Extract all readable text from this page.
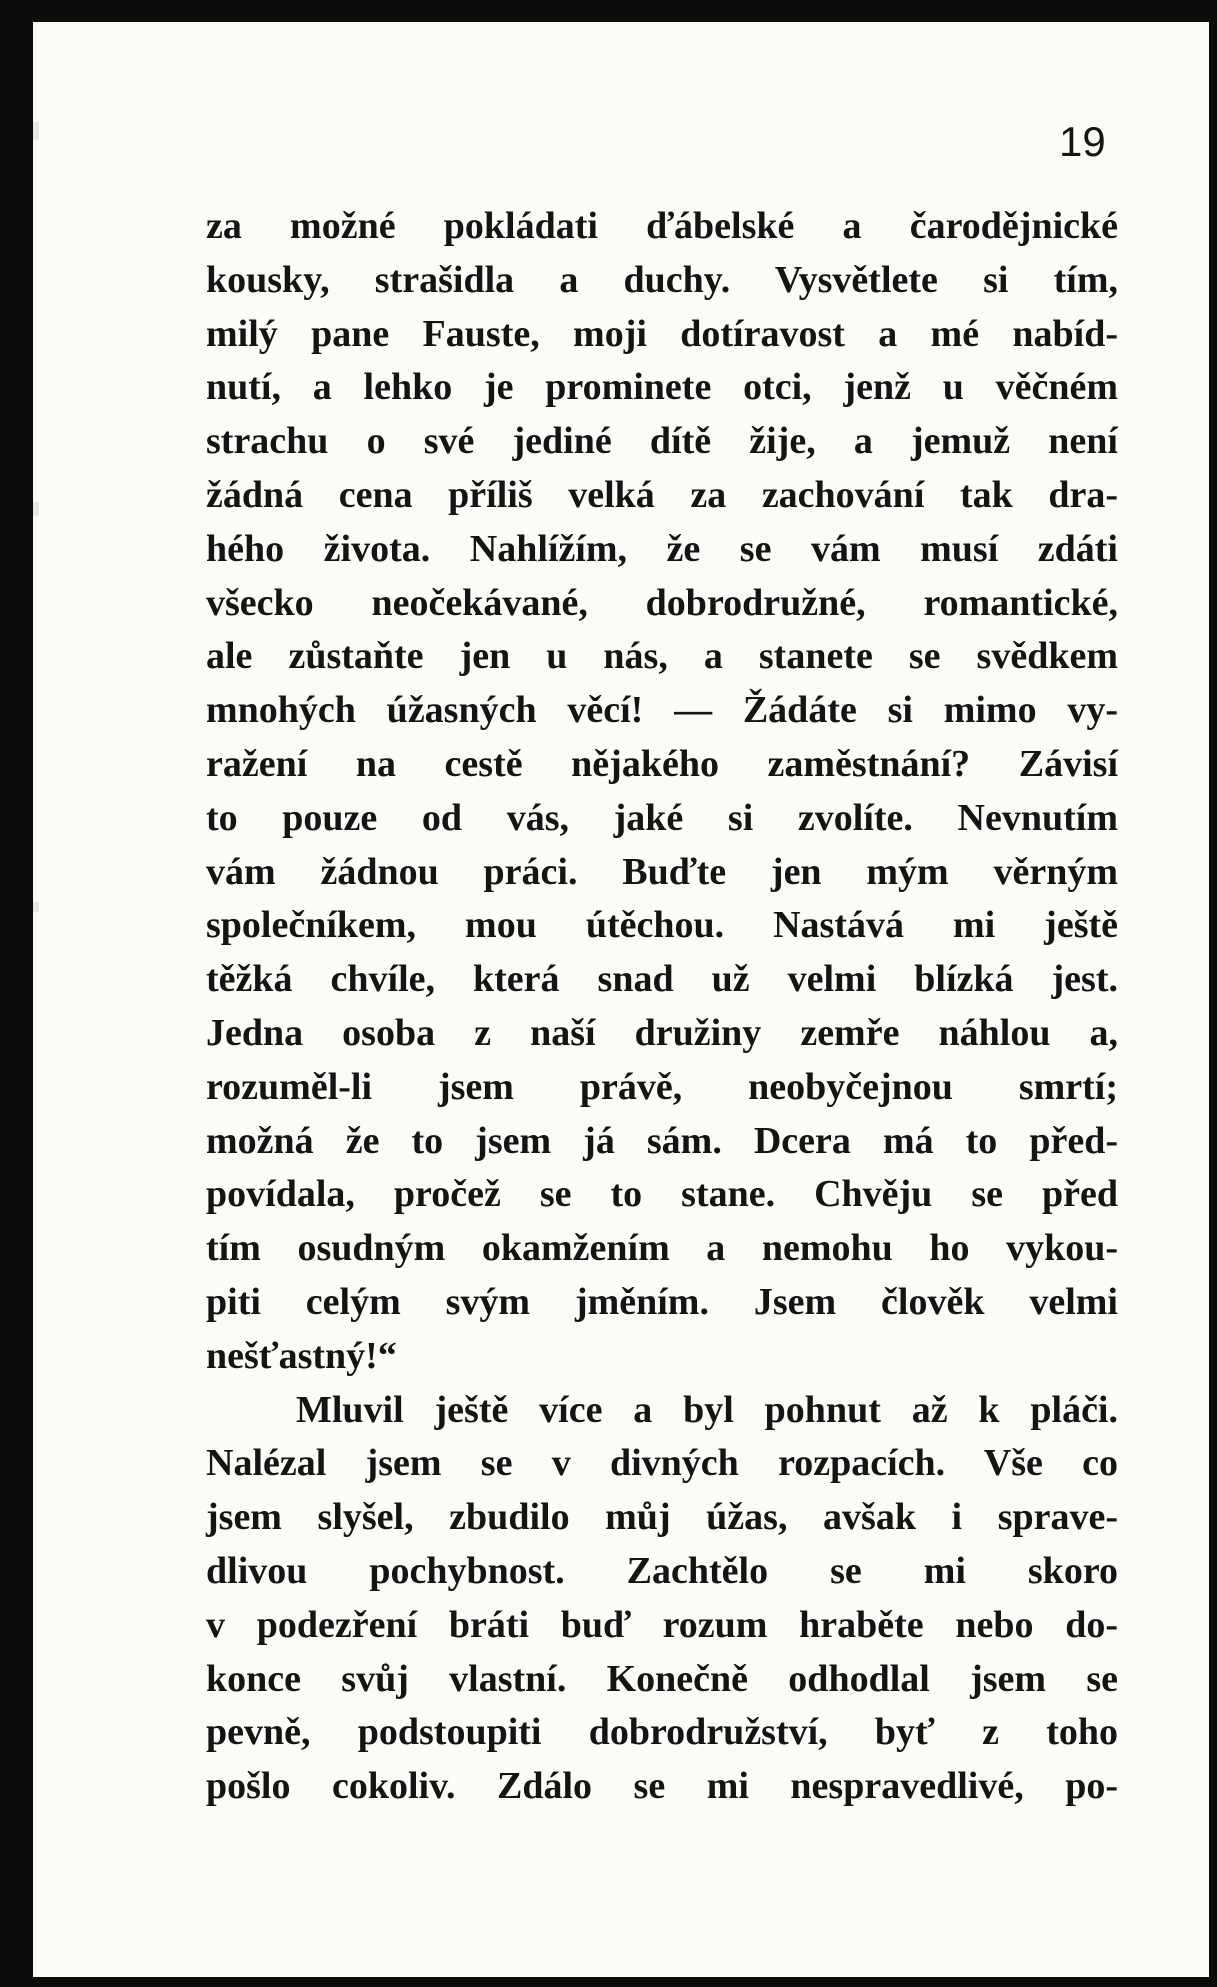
19
za možné pokládati ďábelské a čarodějnické
kousky, strašidla a duchy. Vysvětlete si tím,
milý pane Fauste, moji dotíravost a mé nabíd-
nutí, a lehko je prominete otci, jenž u věčném
strachu o své jediné dítě žije, a jemuž není
žádná cena příliš velká za zachování tak dra-
hého života. Nahlížím, že se vám musí zdáti
všecko neočekávané, dobrodružné, romantické,
ale zůstaňte jen u nás, a stanete se svědkem
mnohých úžasných věcí! — Žádáte si mimo vy-
ražení na cestě nějakého zaměstnání? Závisí
to pouze od vás, jaké si zvolíte. Nevnutím
vám žádnou práci. Buďte jen mým věrným
společníkem, mou útěchou. Nastává mi ještě
těžká chvíle, která snad už velmi blízká jest.
Jedna osoba z naší družiny zemře náhlou a,
rozuměl-li jsem právě, neobyčejnou smrtí;
možná že to jsem já sám. Dcera má to před-
povídala, pročež se to stane. Chvěju se před
tím osudným okamžením a nemohu ho vykou-
piti celým svým jměním. Jsem člověk velmi
nešťastný!“
Mluvil ještě více a byl pohnut až k pláči.
Nalézal jsem se v divných rozpacích. Vše co
jsem slyšel, zbudilo můj úžas, avšak i sprave-
dlivou pochybnost. Zachtělo se mi skoro
v podezření bráti buď rozum hraběte nebo do-
konce svůj vlastní. Konečně odhodlal jsem se
pevně, podstoupiti dobrodružství, byť z toho
pošlo cokoliv. Zdálo se mi nespravedlivé, po-
